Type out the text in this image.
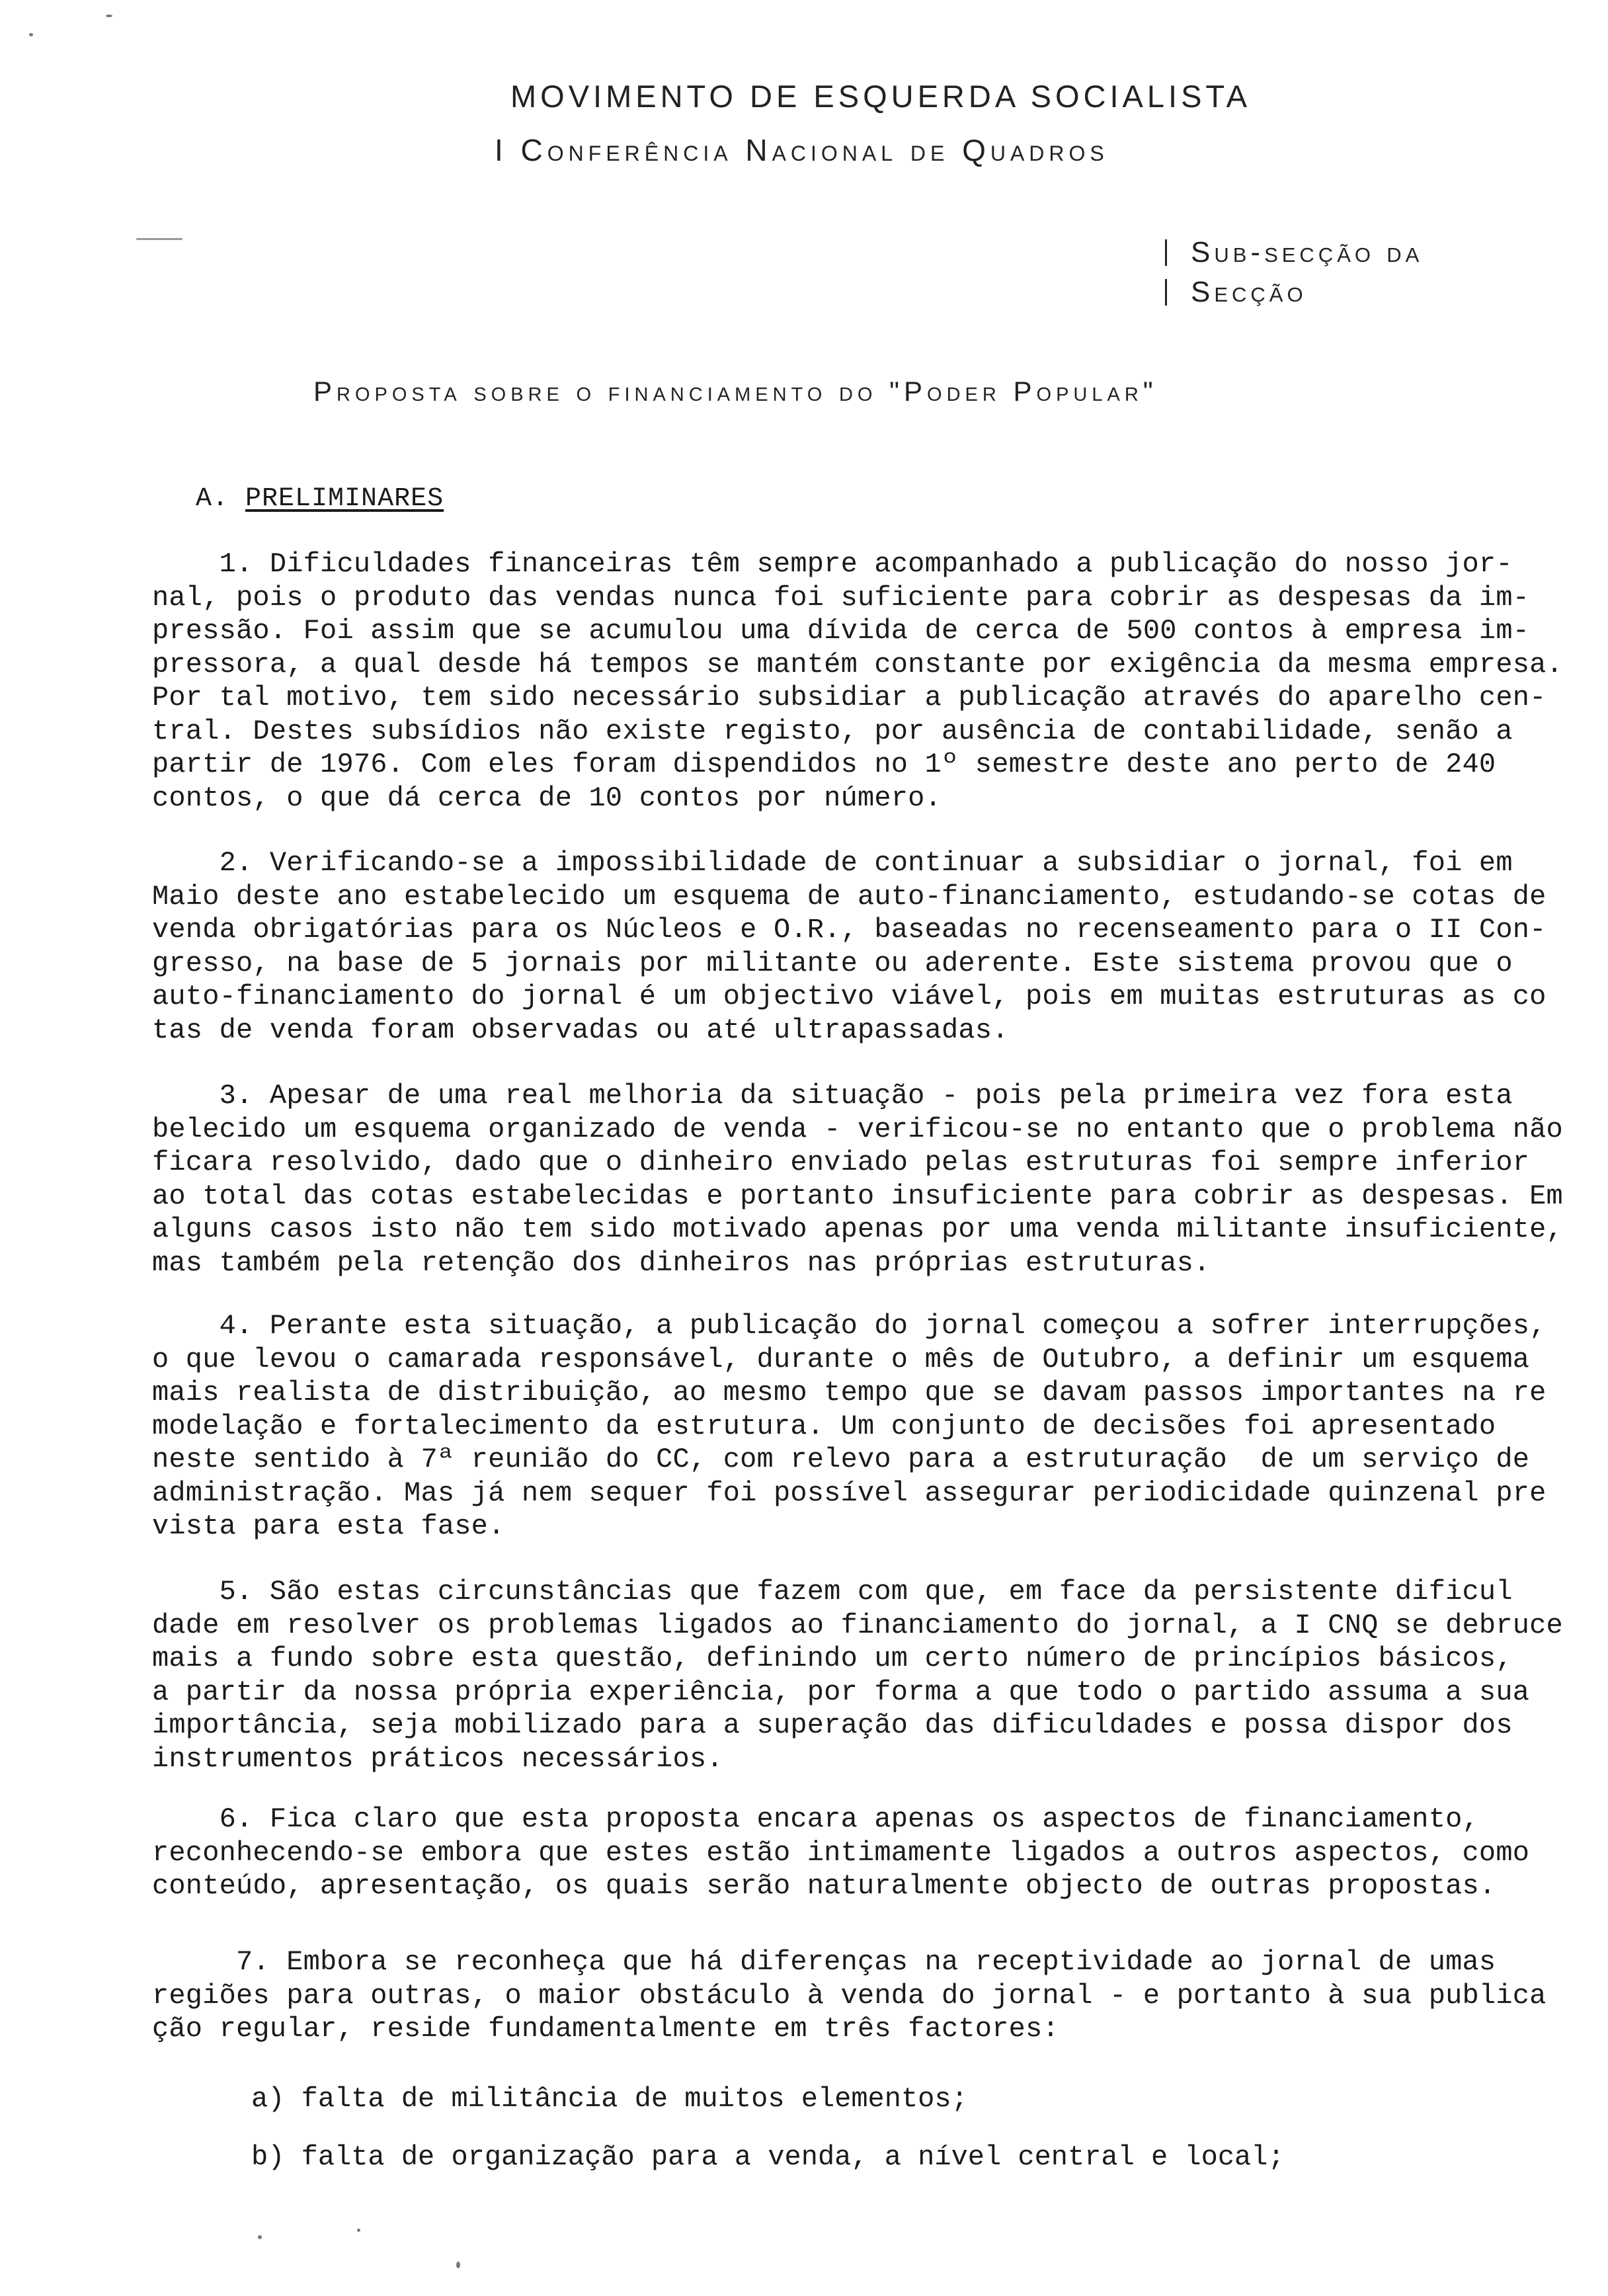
MOVIMENTO DE ESQUERDA SOCIALISTA
I Conferência Nacional de Quadros
Sub-secção da
Secção
Proposta sobre o financiamento do "Poder Popular"
A. PRELIMINARES
1. Dificuldades financeiras têm sempre acompanhado a publicação do nosso jor-
nal, pois o produto das vendas nunca foi suficiente para cobrir as despesas da im-
pressão. Foi assim que se acumulou uma dívida de cerca de 500 contos à empresa im-
pressora, a qual desde há tempos se mantém constante por exigência da mesma empresa.
Por tal motivo, tem sido necessário subsidiar a publicação através do aparelho cen-
tral. Destes subsídios não existe registo, por ausência de contabilidade, senão a
partir de 1976. Com eles foram dispendidos no 1º semestre deste ano perto de 240
contos, o que dá cerca de 10 contos por número.
2. Verificando-se a impossibilidade de continuar a subsidiar o jornal, foi em
Maio deste ano estabelecido um esquema de auto-financiamento, estudando-se cotas de
venda obrigatórias para os Núcleos e O.R., baseadas no recenseamento para o II Con-
gresso, na base de 5 jornais por militante ou aderente. Este sistema provou que o
auto-financiamento do jornal é um objectivo viável, pois em muitas estruturas as co
tas de venda foram observadas ou até ultrapassadas.
3. Apesar de uma real melhoria da situação - pois pela primeira vez fora esta
belecido um esquema organizado de venda - verificou-se no entanto que o problema não
ficara resolvido, dado que o dinheiro enviado pelas estruturas foi sempre inferior
ao total das cotas estabelecidas e portanto insuficiente para cobrir as despesas. Em
alguns casos isto não tem sido motivado apenas por uma venda militante insuficiente,
mas também pela retenção dos dinheiros nas próprias estruturas.
4. Perante esta situação, a publicação do jornal começou a sofrer interrupções,
o que levou o camarada responsável, durante o mês de Outubro, a definir um esquema
mais realista de distribuição, ao mesmo tempo que se davam passos importantes na re
modelação e fortalecimento da estrutura. Um conjunto de decisões foi apresentado
neste sentido à 7ª reunião do CC, com relevo para a estruturação  de um serviço de
administração. Mas já nem sequer foi possível assegurar periodicidade quinzenal pre
vista para esta fase.
5. São estas circunstâncias que fazem com que, em face da persistente dificul
dade em resolver os problemas ligados ao financiamento do jornal, a I CNQ se debruce
mais a fundo sobre esta questão, definindo um certo número de princípios básicos,
a partir da nossa própria experiência, por forma a que todo o partido assuma a sua
importância, seja mobilizado para a superação das dificuldades e possa dispor dos
instrumentos práticos necessários.
6. Fica claro que esta proposta encara apenas os aspectos de financiamento,
reconhecendo-se embora que estes estão intimamente ligados a outros aspectos, como
conteúdo, apresentação, os quais serão naturalmente objecto de outras propostas.
7. Embora se reconheça que há diferenças na receptividade ao jornal de umas
regiões para outras, o maior obstáculo à venda do jornal - e portanto à sua publica
ção regular, reside fundamentalmente em três factores:
a) falta de militância de muitos elementos;
b) falta de organização para a venda, a nível central e local;
